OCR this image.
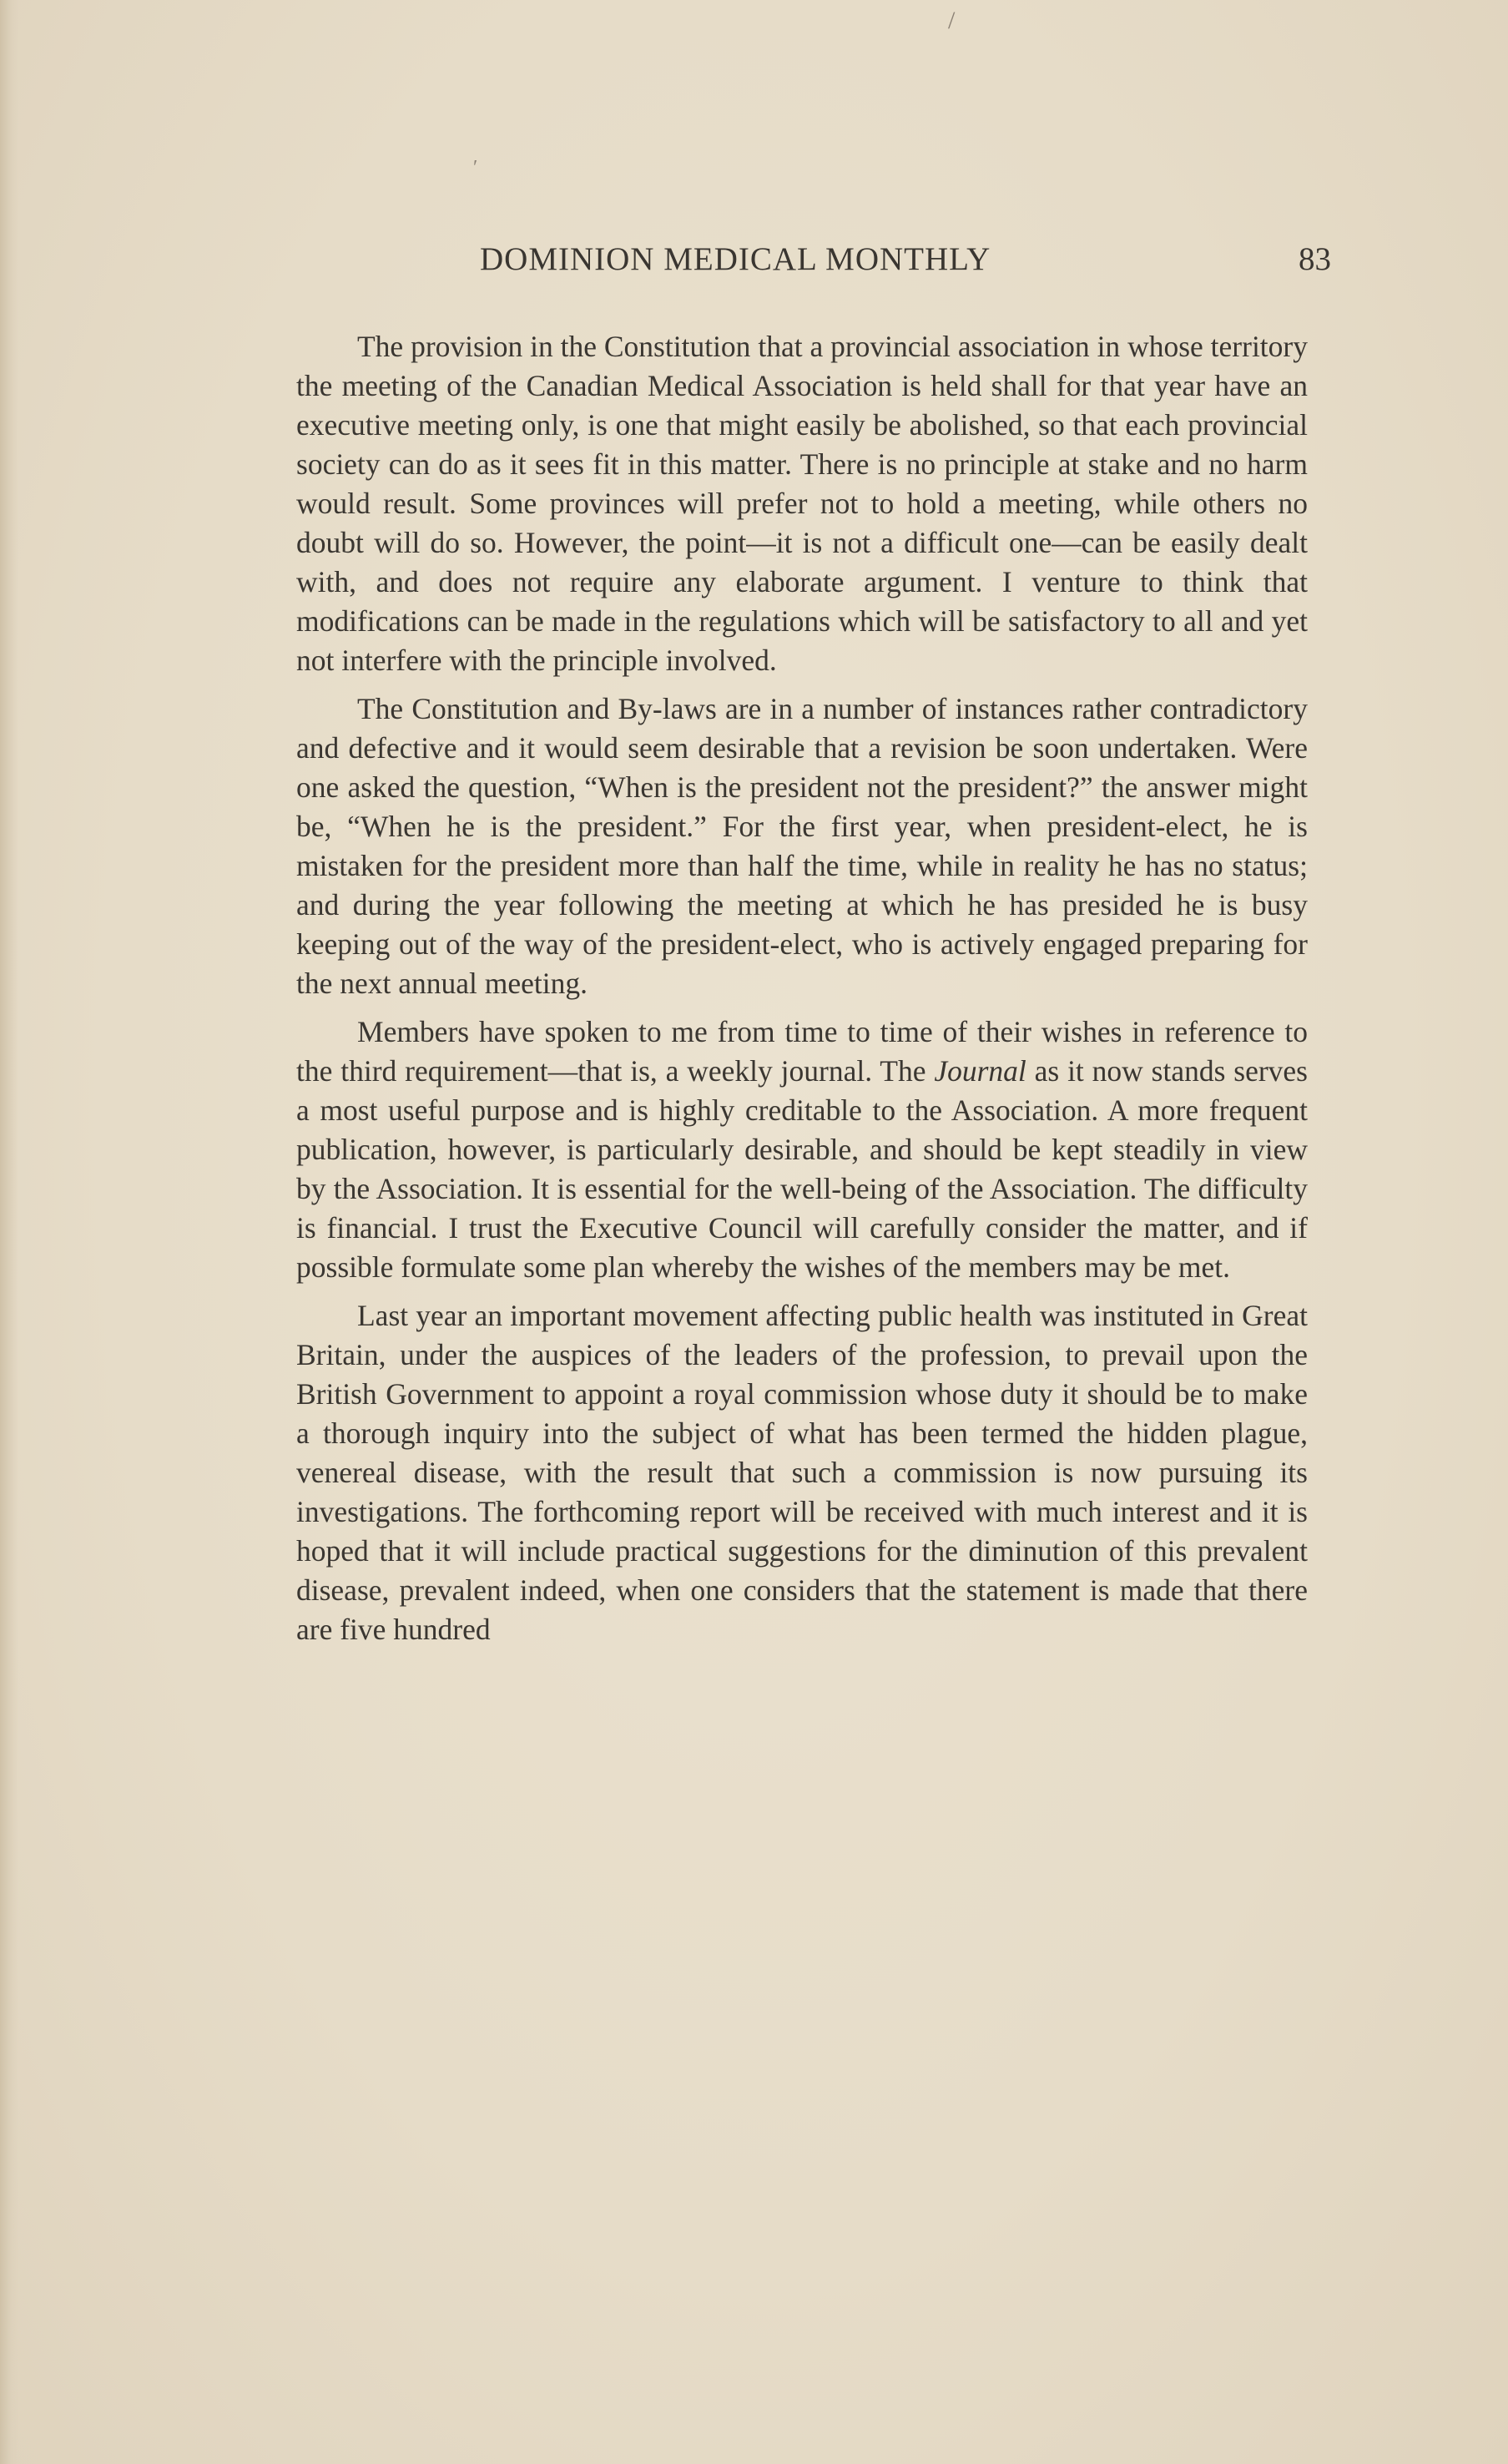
/
′
DOMINION MEDICAL MONTHLY	83

The provision in the Constitution that a provincial association in whose territory the meeting of the Canadian Medical Association is held shall for that year have an executive meeting only, is one that might easily be abolished, so that each provincial society can do as it sees fit in this matter. There is no principle at stake and no harm would result. Some provinces will prefer not to hold a meeting, while others no doubt will do so. However, the point—it is not a difficult one—can be easily dealt with, and does not require any elaborate argument. I venture to think that modifications can be made in the regulations which will be satisfactory to all and yet not interfere with the principle involved.

The Constitution and By-laws are in a number of instances rather contradictory and defective and it would seem desirable that a revision be soon undertaken. Were one asked the question, “When is the president not the president?” the answer might be, “When he is the president.” For the first year, when president-elect, he is mistaken for the president more than half the time, while in reality he has no status; and during the year following the meeting at which he has presided he is busy keeping out of the way of the president-elect, who is actively engaged preparing for the next annual meeting.

Members have spoken to me from time to time of their wishes in reference to the third requirement—that is, a weekly journal. The Journal as it now stands serves a most useful purpose and is highly creditable to the Association. A more frequent publication, however, is particularly desirable, and should be kept steadily in view by the Association. It is essential for the well-being of the Association. The difficulty is financial. I trust the Executive Council will carefully consider the matter, and if possible formulate some plan whereby the wishes of the members may be met.

Last year an important movement affecting public health was instituted in Great Britain, under the auspices of the leaders of the profession, to prevail upon the British Government to appoint a royal commission whose duty it should be to make a thorough inquiry into the subject of what has been termed the hidden plague, venereal disease, with the result that such a commission is now pursuing its investigations. The forthcoming report will be received with much interest and it is hoped that it will include practical suggestions for the diminution of this prevalent disease, prevalent indeed, when one considers that the statement is made that there are five hundred
